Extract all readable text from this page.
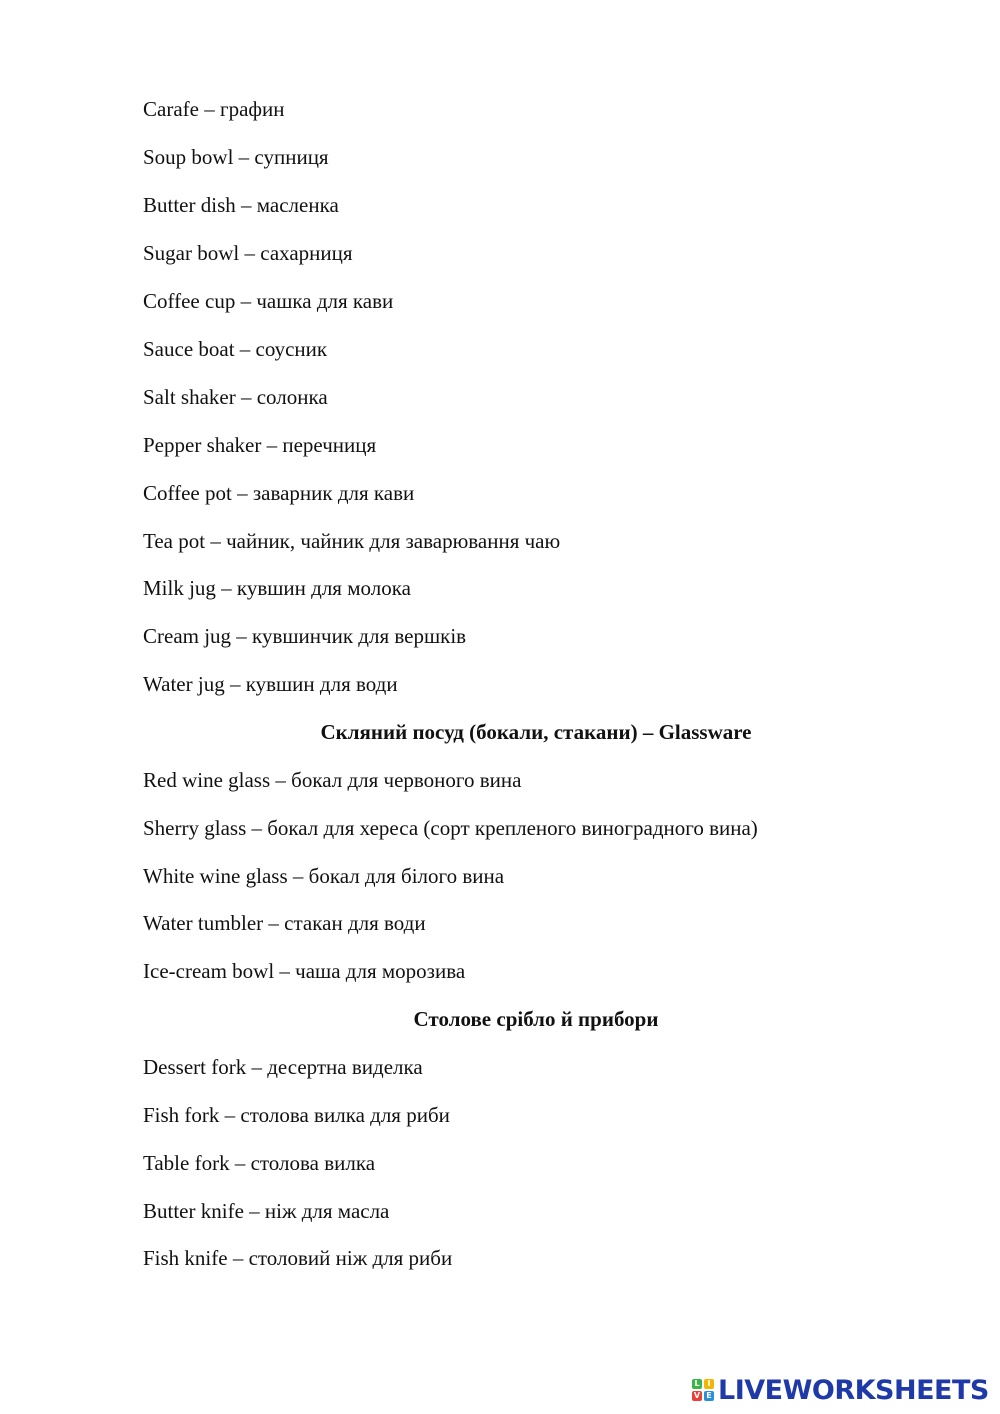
Carafe – графин
Soup bowl – супниця
Butter dish – масленка
Sugar bowl – сахарниця
Coffee cup – чашка для кави
Sauce boat – соусник
Salt shaker – солонка
Pepper shaker – перечниця
Coffee pot – заварник для кави
Tea pot – чайник, чайник для заварювання чаю
Milk jug – кувшин для молока
Cream jug – кувшинчик для вершків
Water jug – кувшин для води
Скляний посуд (бокали, стакани) – Glassware
Red wine glass – бокал для червоного вина
Sherry glass – бокал для хереса (сорт крепленого виноградного вина)
White wine glass – бокал для білого вина
Water tumbler – стакан для води
Ice-cream bowl – чаша для морозива
Столове срібло й прибори
Dessert fork – десертна виделка
Fish fork – столова вилка для риби
Table fork – столова вилка
Butter knife – ніж для масла
Fish knife – столовий ніж для риби
L I
V E LIVEWORKSHEETS
